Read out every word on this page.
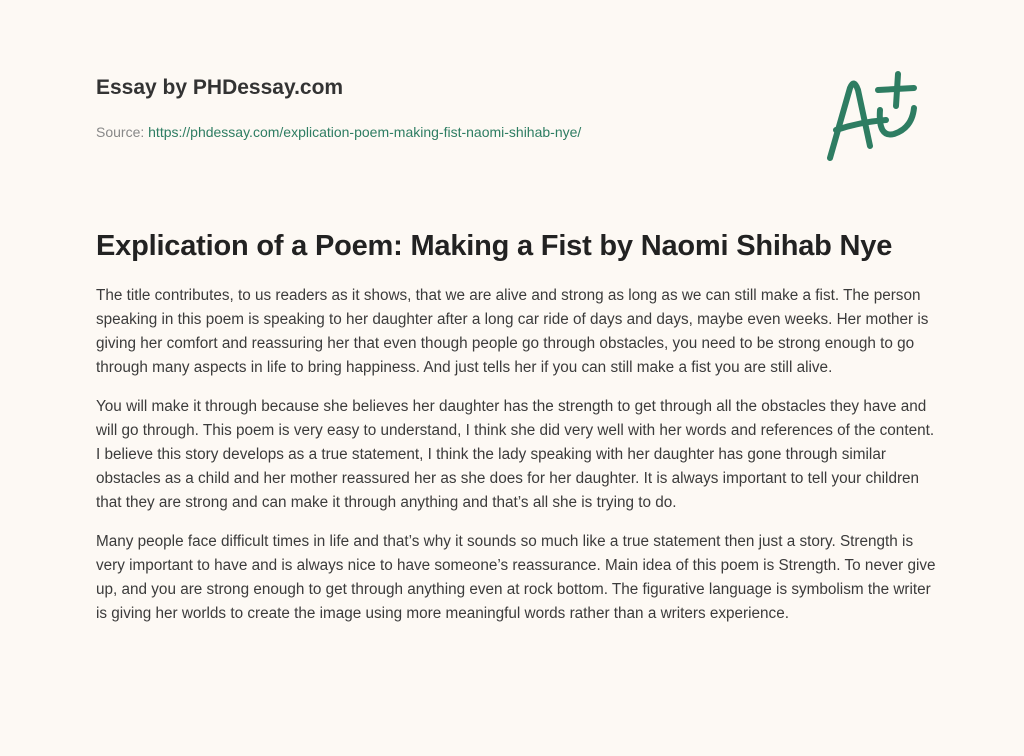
Essay by PHDessay.com
Source: https://phdessay.com/explication-poem-making-fist-naomi-shihab-nye/
Explication of a Poem: Making a Fist by Naomi Shihab Nye

The title contributes, to us readers as it shows, that we are alive and strong as long as we can still make a fist. The person speaking in this poem is speaking to her daughter after a long car ride of days and days, maybe even weeks. Her mother is giving her comfort and reassuring her that even though people go through obstacles, you need to be strong enough to go through many aspects in life to bring happiness. And just tells her if you can still make a fist you are still alive.

You will make it through because she believes her daughter has the strength to get through all the obstacles they have and will go through. This poem is very easy to understand, I think she did very well with her words and references of the content. I believe this story develops as a true statement, I think the lady speaking with her daughter has gone through similar obstacles as a child and her mother reassured her as she does for her daughter. It is always important to tell your children that they are strong and can make it through anything and that’s all she is trying to do.

Many people face difficult times in life and that’s why it sounds so much like a true statement then just a story. Strength is very important to have and is always nice to have someone’s reassurance. Main idea of this poem is Strength. To never give up, and you are strong enough to get through anything even at rock bottom. The figurative language is symbolism the writer is giving her worlds to create the image using more meaningful words rather than a writers experience.
